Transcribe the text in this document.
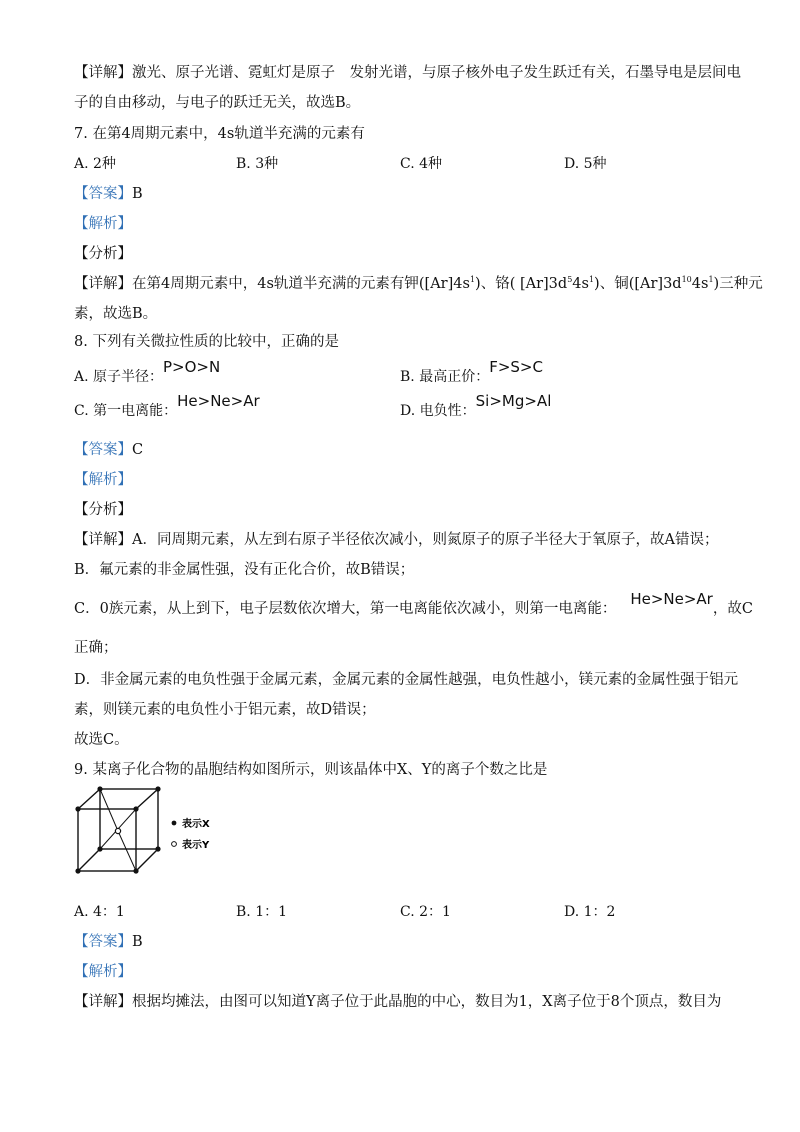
【详解】激光、原子光谱、霓虹灯是原子　发射光谱，与原子核外电子发生跃迁有关，石墨导电是层间电
子的自由移动，与电子的跃迁无关，故选B。
7. 在第4周期元素中，4s轨道半充满的元素有
A. 2种	B. 3种	C. 4种	D. 5种
【答案】B
【解析】
【分析】
【详解】在第4周期元素中，4s轨道半充满的元素有钾$([Ar]4s^1)$、铬( $[Ar]3d^54s^1$)、铜$([Ar]3d^{10}4s^1)$三种元
素，故选B。
8. 下列有关微拉性质的比较中，正确的是
A. 原子半径：P>O>N
B. 最高正价：F>S>C
C. 第一电离能：He>Ne>Ar
D. 电负性：Si>Mg>Al
【答案】C
【解析】
【分析】
【详解】A．同周期元素，从左到右原子半径依次减小，则氮原子的原子半径大于氧原子，故A错误；
B．氟元素的非金属性强，没有正化合价，故B错误；
C．0族元素，从上到下，电子层数依次增大，第一电离能依次减小，则第一电离能：He>Ne>Ar，故C
正确；
D．非金属元素的电负性强于金属元素，金属元素的金属性越强，电负性越小，镁元素的金属性强于铝元
素，则镁元素的电负性小于铝元素，故D错误；
故选C。
9. 某离子化合物的晶胞结构如图所示，则该晶体中X、Y的离子个数之比是
表示X
表示Y
A. 4：1	B. 1：1	C. 2：1	D. 1：2
【答案】B
【解析】
【详解】根据均摊法，由图可以知道Y离子位于此晶胞的中心，数目为1，X离子位于8个顶点，数目为
